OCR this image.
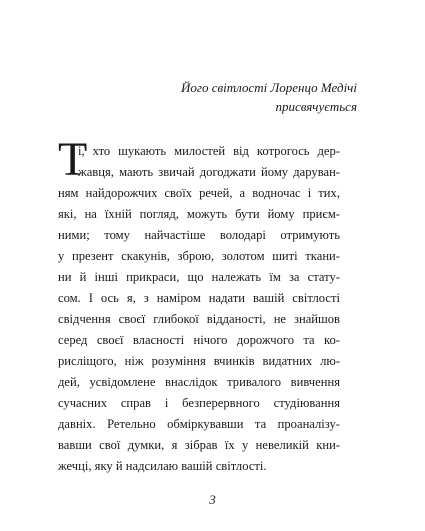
Його світлості Лоренцо Медічі
присвячується
Т
і, хто шукають милостей від котрогось дер-
жавця, мають звичай догоджати йому даруван-
ням найдорожчих своїх речей, а водночас і тих,
які, на їхній погляд, можуть бути йому приєм-
ними; тому найчастіше володарі отримують
у презент скакунів, зброю, золотом шиті ткани-
ни й інші прикраси, що належать їм за стату-
сом. І ось я, з наміром надати вашій світлості
свідчення своєї глибокої відданості, не знайшов
серед своєї власності нічого дорожчого та ко-
рисліщого, ніж розуміння вчинків видатних лю-
дей, усвідомлене внаслідок тривалого вивчення
сучасних справ і безперервного студіювання
давніх. Ретельно обміркувавши та проаналізу-
вавши свої думки, я зібрав їх у невеликій кни-
жечці, яку й надсилаю вашій світлості.
3
